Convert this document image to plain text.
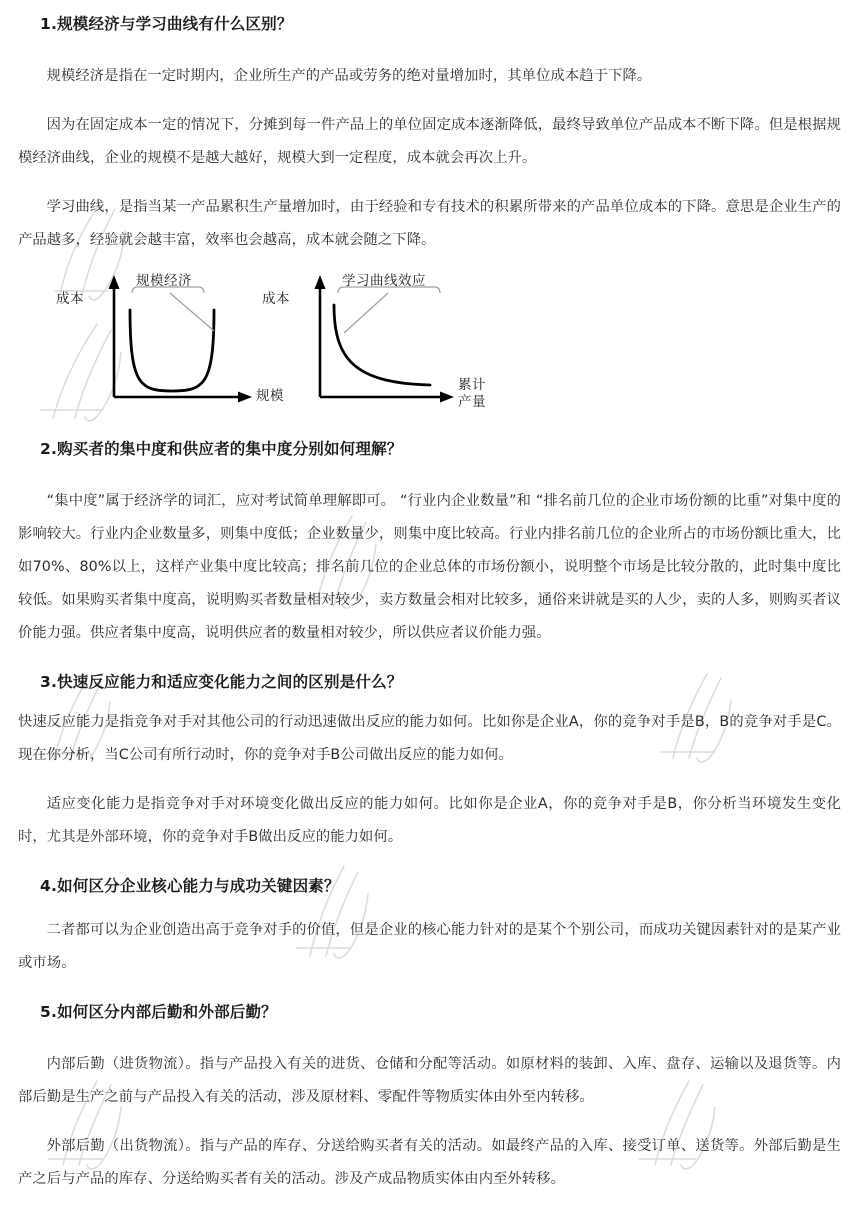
1.规模经济与学习曲线有什么区别？

规模经济是指在一定时期内，企业所生产的产品或劳务的绝对量增加时，其单位成本趋于下降。

因为在固定成本一定的情况下，分摊到每一件产品上的单位固定成本逐渐降低，最终导致单位产品成本不断下降。但是根据规模经济曲线，企业的规模不是越大越好，规模大到一定程度，成本就会再次上升。

学习曲线，是指当某一产品累积生产量增加时，由于经验和专有技术的积累所带来的产品单位成本的下降。意思是企业生产的产品越多，经验就会越丰富，效率也会越高，成本就会随之下降。

成本
规模经济
规模
成本
学习曲线效应
累计产量
2.购买者的集中度和供应者的集中度分别如何理解？

“集中度”属于经济学的词汇，应对考试简单理解即可。 “行业内企业数量”和 “排名前几位的企业市场份额的比重”对集中度的影响较大。行业内企业数量多，则集中度低；企业数量少，则集中度比较高。行业内排名前几位的企业所占的市场份额比重大，比如70%、80%以上，这样产业集中度比较高；排名前几位的企业总体的市场份额小，说明整个市场是比较分散的，此时集中度比较低。如果购买者集中度高，说明购买者数量相对较少，卖方数量会相对比较多，通俗来讲就是买的人少，卖的人多，则购买者议价能力强。供应者集中度高，说明供应者的数量相对较少，所以供应者议价能力强。

3.快速反应能力和适应变化能力之间的区别是什么？

快速反应能力是指竞争对手对其他公司的行动迅速做出反应的能力如何。比如你是企业A，你的竞争对手是B，B的竞争对手是C。现在你分析，当C公司有所行动时，你的竞争对手B公司做出反应的能力如何。

适应变化能力是指竞争对手对环境变化做出反应的能力如何。比如你是企业A，你的竞争对手是B，你分析当环境发生变化时，尤其是外部环境，你的竞争对手B做出反应的能力如何。

4.如何区分企业核心能力与成功关键因素？

二者都可以为企业创造出高于竞争对手的价值，但是企业的核心能力针对的是某个个别公司，而成功关键因素针对的是某产业或市场。

5.如何区分内部后勤和外部后勤？

内部后勤（进货物流）。指与产品投入有关的进货、仓储和分配等活动。如原材料的装卸、入库、盘存、运输以及退货等。内部后勤是生产之前与产品投入有关的活动，涉及原材料、零配件等物质实体由外至内转移。

外部后勤（出货物流）。指与产品的库存、分送给购买者有关的活动。如最终产品的入库、接受订单、送货等。外部后勤是生产之后与产品的库存、分送给购买者有关的活动。涉及产成品物质实体由内至外转移。
